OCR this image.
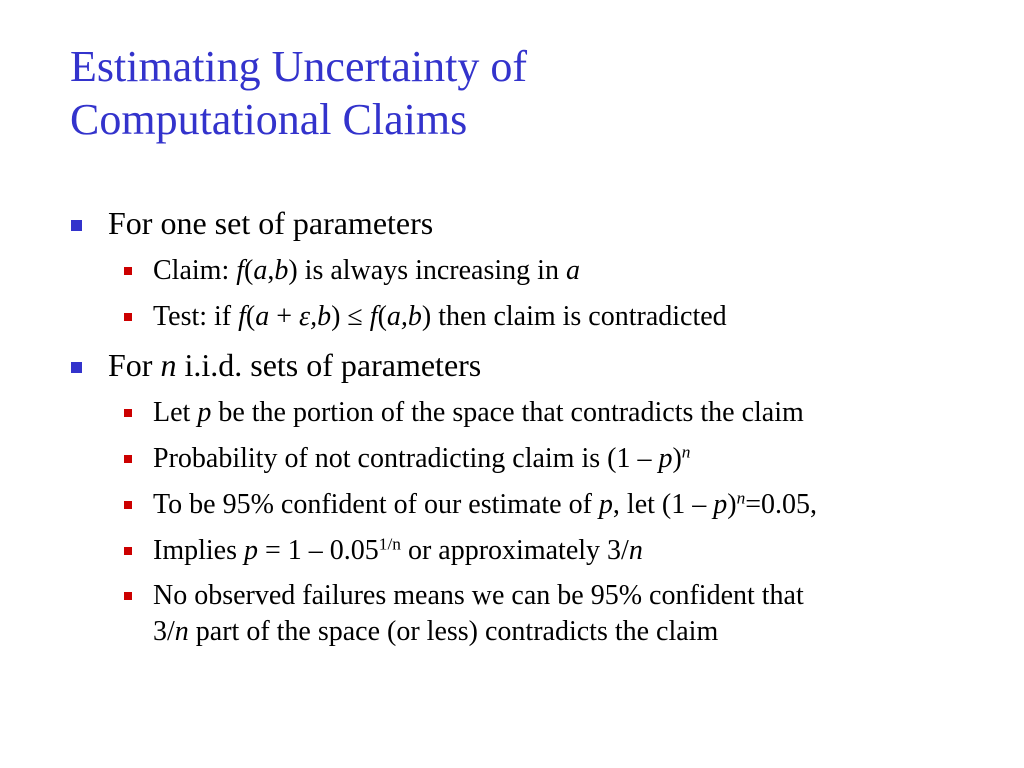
Estimating Uncertainty of
Computational Claims
For one set of parameters
Claim: f(a,b) is always increasing in a
Test: if f(a + ε,b) ≤ f(a,b) then claim is contradicted
For n i.i.d. sets of parameters
Let p be the portion of the space that contradicts the claim
Probability of not contradicting claim is (1 – p)$^n$
To be 95% confident of our estimate of p, let (1 – p)$^n$=0.05,
Implies $p = 1 - 0.05^{1/n}$ or approximately 3/n
No observed failures means we can be 95% confident that
3/n part of the space (or less) contradicts the claim
